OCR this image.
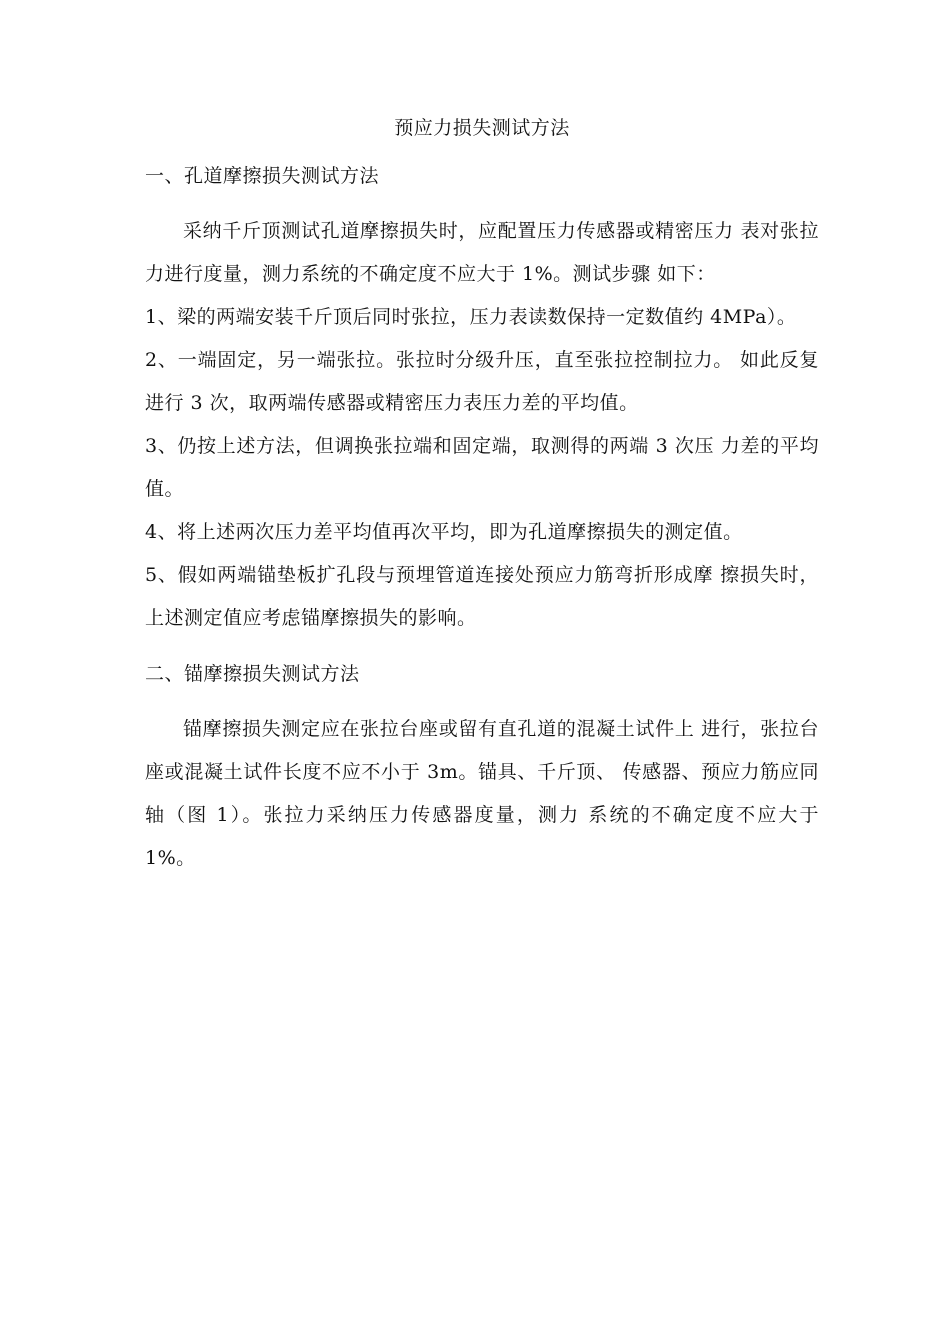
预应力损失测试方法
一、孔道摩擦损失测试方法

采纳千斤顶测试孔道摩擦损失时，应配置压力传感器或精密压力 表对张拉力进行度量，测力系统的不确定度不应大于 1%。测试步骤 如下：

1、梁的两端安装千斤顶后同时张拉，压力表读数保持一定数值约 4MPa）。

2、一端固定，另一端张拉。张拉时分级升压，直至张拉控制拉力。 如此反复进行 3 次，取两端传感器或精密压力表压力差的平均值。

3、仍按上述方法，但调换张拉端和固定端，取测得的两端 3 次压 力差的平均值。

4、将上述两次压力差平均值再次平均，即为孔道摩擦损失的测定值。

5、假如两端锚垫板扩孔段与预埋管道连接处预应力筋弯折形成摩 擦损失时，上述测定值应考虑锚摩擦损失的影响。

二、锚摩擦损失测试方法

锚摩擦损失测定应在张拉台座或留有直孔道的混凝土试件上 进行，张拉台座或混凝土试件长度不应不小于 3m。锚具、千斤顶、 传感器、预应力筋应同轴（图 1）。张拉力采纳压力传感器度量，测力 系统的不确定度不应大于 1%。
